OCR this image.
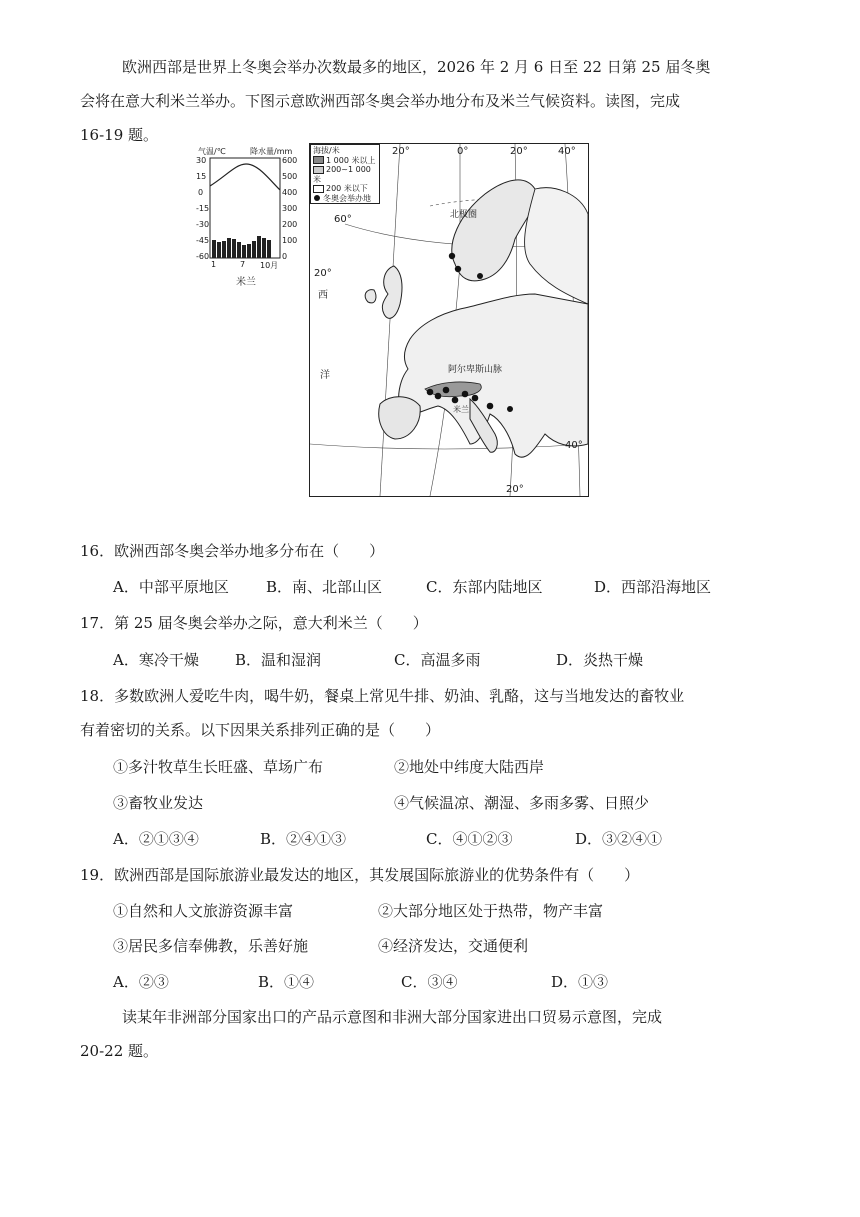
欧洲西部是世界上冬奥会举办次数最多的地区，2026 年 2 月 6 日至 22 日第 25 届冬奥
会将在意大利米兰举办。下图示意欧洲西部冬奥会举办地分布及米兰气候资料。读图，完成
16-19 题。
气温/℃	降水量/mm
30
15
0
-15
-30
-45
-60
600
500
400
300
200
100
0
1	7 10月
米兰
20°	0°	20°	40°
60°
20°
北极圈
西
洋	阿尔卑斯山脉
米兰
40°
20°
海拔/米
1 000 米以上
200~1 000 米
200 米以下
冬奥会举办地
16．欧洲西部冬奥会举办地多分布在（　　）
A．中部平原地区 B．南、北部山区	C．东部内陆地区	D．西部沿海地区
17．第 25 届冬奥会举办之际，意大利米兰（　　）
A．寒冷干燥 B．温和湿润	C．高温多雨	D．炎热干燥
18．多数欧洲人爱吃牛肉，喝牛奶，餐桌上常见牛排、奶油、乳酪，这与当地发达的畜牧业
有着密切的关系。以下因果关系排列正确的是（　　）
①多汁牧草生长旺盛、草场广布	②地处中纬度大陆西岸
③畜牧业发达	④气候温凉、潮湿、多雨多雾、日照少
A．②①③④	B．②④①③	C．④①②③	D．③②④①
19．欧洲西部是国际旅游业最发达的地区，其发展国际旅游业的优势条件有（　　）
①自然和人文旅游资源丰富	②大部分地区处于热带，物产丰富
③居民多信奉佛教，乐善好施	④经济发达，交通便利
A．②③	B．①④	C．③④	D．①③
读某年非洲部分国家出口的产品示意图和非洲大部分国家进出口贸易示意图，完成
20-22 题。
